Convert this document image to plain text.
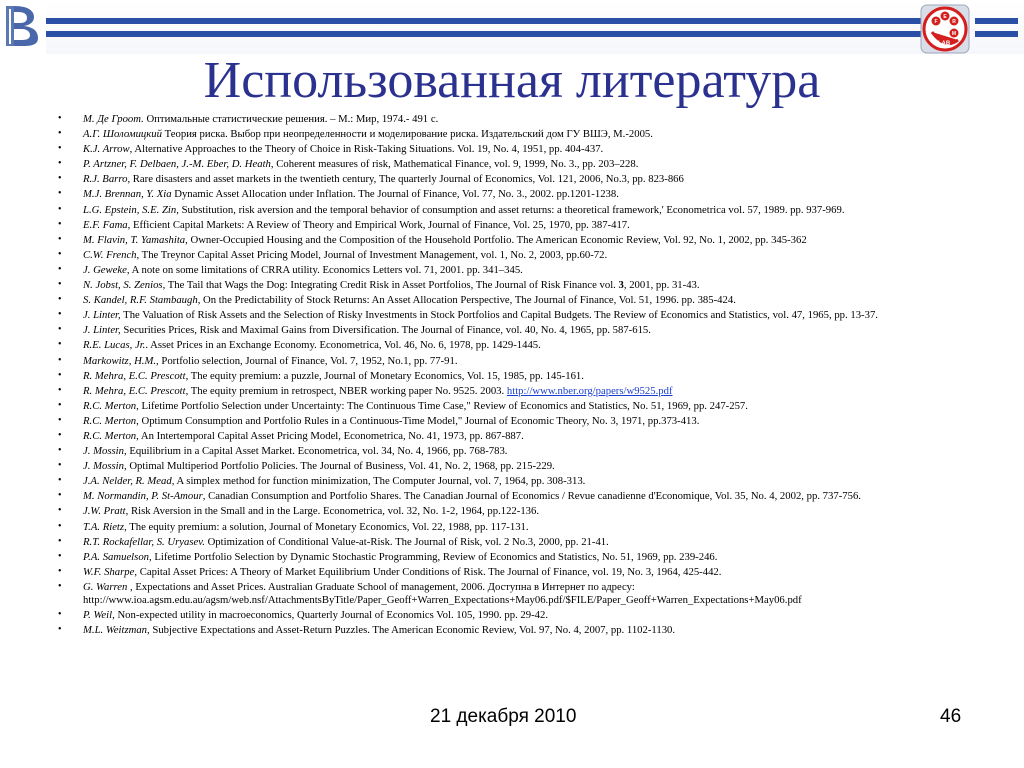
E
F	R
M
LAB
Использованная литература
• М. Де Гроот. Оптимальные статистические решения. – М.: Мир, 1974.- 491 с.
• А.Г. Шоломицкий Теория риска. Выбор при неопределенности и моделирование риска. Издательский дом ГУ ВШЭ, М.-2005.
• K.J. Arrow, Alternative Approaches to the Theory of Choice in Risk-Taking Situations. Vol. 19, No. 4, 1951, pp. 404-437.
• P. Artzner, F. Delbaen, J.-M. Eber, D. Heath, Coherent measures of risk, Mathematical Finance, vol. 9, 1999, No. 3., pp. 203–228.
• R.J. Barro, Rare disasters and asset markets in the twentieth century, The quarterly Journal of Economics, Vol. 121, 2006, No.3, pp. 823-866
• M.J. Brennan, Y. Xia Dynamic Asset Allocation under Inflation. The Journal of Finance, Vol. 77, No. 3., 2002. pp.1201-1238.
• L.G. Epstein, S.E. Zin, Substitution, risk aversion and the temporal behavior of consumption and asset returns: a theoretical framework,' Econometrica vol. 57, 1989. pp. 937-969.
• E.F. Fama, Efficient Capital Markets: A Review of Theory and Empirical Work, Journal of Finance, Vol. 25, 1970, pp. 387-417.
• M. Flavin, T. Yamashita, Owner-Occupied Housing and the Composition of the Household Portfolio. The American Economic Review, Vol. 92, No. 1, 2002, pp. 345-362
• C.W. French, The Treynor Capital Asset Pricing Model, Journal of Investment Management, vol. 1, No. 2, 2003, pp.60-72.
• J. Geweke, A note on some limitations of CRRA utility. Economics Letters vol. 71, 2001. pp. 341–345.
• N. Jobst, S. Zenios, The Tail that Wags the Dog: Integrating Credit Risk in Asset Portfolios, The Journal of Risk Finance vol. 3, 2001, pp. 31-43.
• S. Kandel, R.F. Stambaugh, On the Predictability of Stock Returns: An Asset Allocation Perspective, The Journal of Finance, Vol. 51, 1996. pp. 385-424.
• J. Linter, The Valuation of Risk Assets and the Selection of Risky Investments in Stock Portfolios and Capital Budgets. The Review of Economics and Statistics, vol. 47, 1965, pp. 13-37.
• J. Linter, Securities Prices, Risk and Maximal Gains from Diversification. The Journal of Finance, vol. 40, No. 4, 1965, pp. 587-615.
• R.E. Lucas, Jr.. Asset Prices in an Exchange Economy. Econometrica, Vol. 46, No. 6, 1978, pp. 1429-1445.
• Markowitz, H.M., Portfolio selection, Journal of Finance, Vol. 7, 1952, No.1, pp. 77-91.
• R. Mehra, E.C. Prescott, The equity premium: a puzzle, Journal of Monetary Economics, Vol. 15, 1985, pp. 145-161.
• R. Mehra, E.C. Prescott, The equity premium in retrospect, NBER working paper No. 9525. 2003. http://www.nber.org/papers/w9525.pdf
• R.C. Merton, Lifetime Portfolio Selection under Uncertainty: The Continuous Time Case," Review of Economics and Statistics, No. 51, 1969, pp. 247-257.
• R.C. Merton, Optimum Consumption and Portfolio Rules in a Continuous-Time Model," Journal of Economic Theory, No. 3, 1971, pp.373-413.
• R.C. Merton, An Intertemporal Capital Asset Pricing Model, Econometrica, No. 41, 1973, pp. 867-887.
• J. Mossin, Equilibrium in a Capital Asset Market. Econometrica, vol. 34, No. 4, 1966, pp. 768-783.
• J. Mossin, Optimal Multiperiod Portfolio Policies. The Journal of Business, Vol. 41, No. 2, 1968, pp. 215-229.
• J.A. Nelder, R. Mead, A simplex method for function minimization, The Computer Journal, vol. 7, 1964, pp. 308-313.
• M. Normandin, P. St-Amour, Canadian Consumption and Portfolio Shares. The Canadian Journal of Economics / Revue canadienne d'Economique, Vol. 35, No. 4, 2002, pp. 737-756.
• J.W. Pratt, Risk Aversion in the Small and in the Large. Econometrica, vol. 32, No. 1-2, 1964, pp.122-136.
• T.A. Rietz, The equity premium: a solution, Journal of Monetary Economics, Vol. 22, 1988, pp. 117-131.
• R.T. Rockafellar, S. Uryasev. Optimization of Conditional Value-at-Risk. The Journal of Risk, vol. 2 No.3, 2000, pp. 21-41.
• P.A. Samuelson, Lifetime Portfolio Selection by Dynamic Stochastic Programming, Review of Economics and Statistics, No. 51, 1969, pp. 239-246.
• W.F. Sharpe, Capital Asset Prices: A Theory of Market Equilibrium Under Conditions of Risk. The Journal of Finance, vol. 19, No. 3, 1964, 425-442.
• G. Warren , Expectations and Asset Prices. Australian Graduate School of management, 2006. Доступна в Интернет по адресу: http://www.ioa.agsm.edu.au/agsm/web.nsf/AttachmentsByTitle/Paper_Geoff+Warren_Expectations+May06.pdf/$FILE/Paper_Geoff+Warren_Expectations+May06.pdf
• P. Weil, Non-expected utility in macroeconomics, Quarterly Journal of Economics Vol. 105, 1990. pp. 29-42.
• M.L. Weitzman, Subjective Expectations and Asset-Return Puzzles. The American Economic Review, Vol. 97, No. 4, 2007, pp. 1102-1130.
21 декабря 2010	46
